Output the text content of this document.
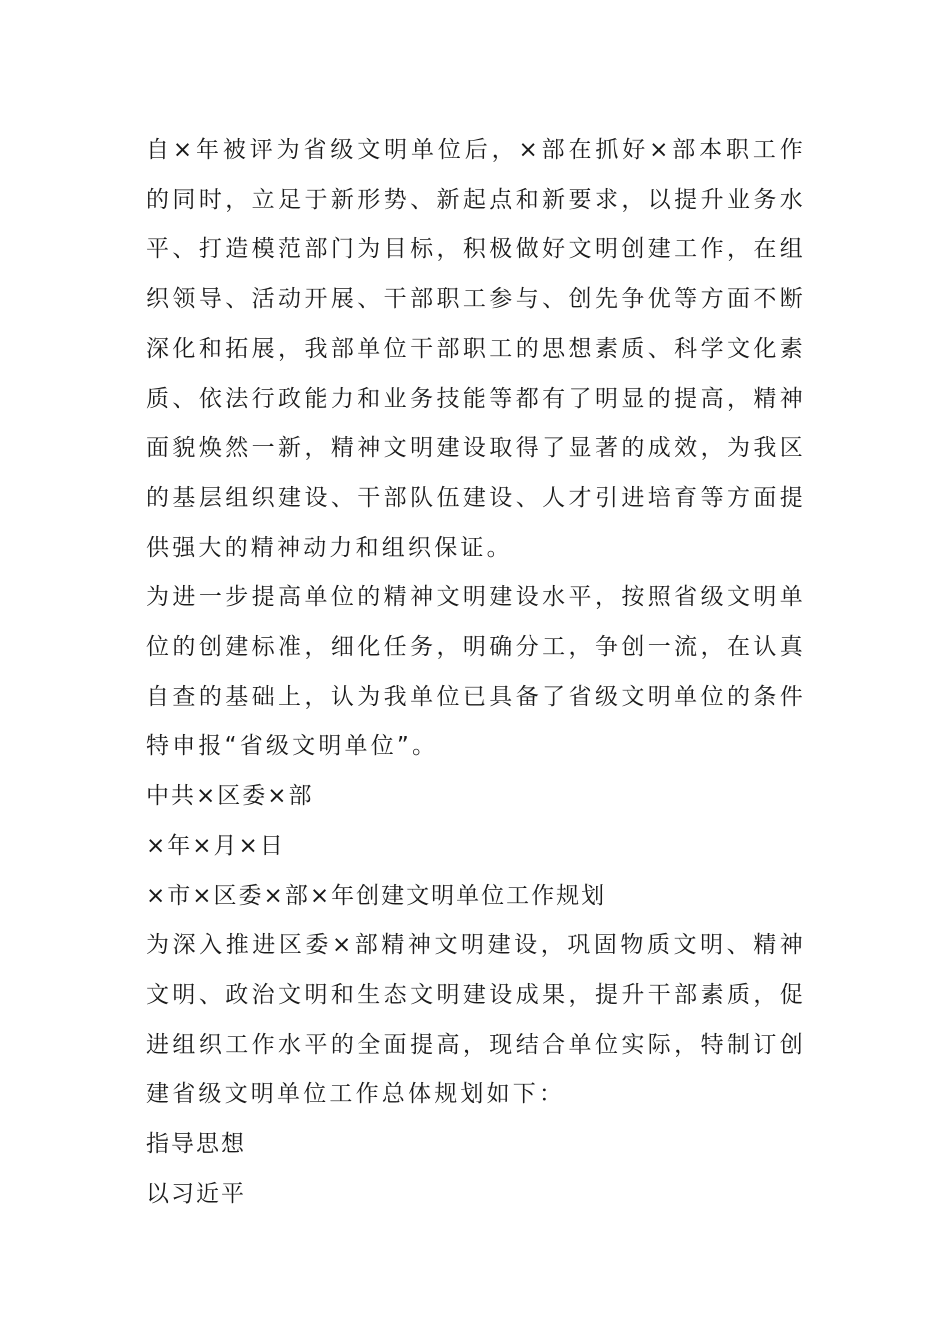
自×年被评为省级文明单位后，×部在抓好×部本职工作的同时，立足于新形势、新起点和新要求，以提升业务水平、打造模范部门为目标，积极做好文明创建工作，在组织领导、活动开展、干部职工参与、创先争优等方面不断深化和拓展，我部单位干部职工的思想素质、科学文化素质、依法行政能力和业务技能等都有了明显的提高，精神面貌焕然一新，精神文明建设取得了显著的成效，为我区的基层组织建设、干部队伍建设、人才引进培育等方面提供强大的精神动力和组织保证。

为进一步提高单位的精神文明建设水平，按照省级文明单位的创建标准，细化任务，明确分工，争创一流，在认真自查的基础上，认为我单位已具备了省级文明单位的条件特申报“省级文明单位”。

中共×区委×部

×年×月×日

×市×区委×部×年创建文明单位工作规划

为深入推进区委×部精神文明建设，巩固物质文明、精神文明、政治文明和生态文明建设成果，提升干部素质，促进组织工作水平的全面提高，现结合单位实际，特制订创建省级文明单位工作总体规划如下：

指导思想

以习近平
